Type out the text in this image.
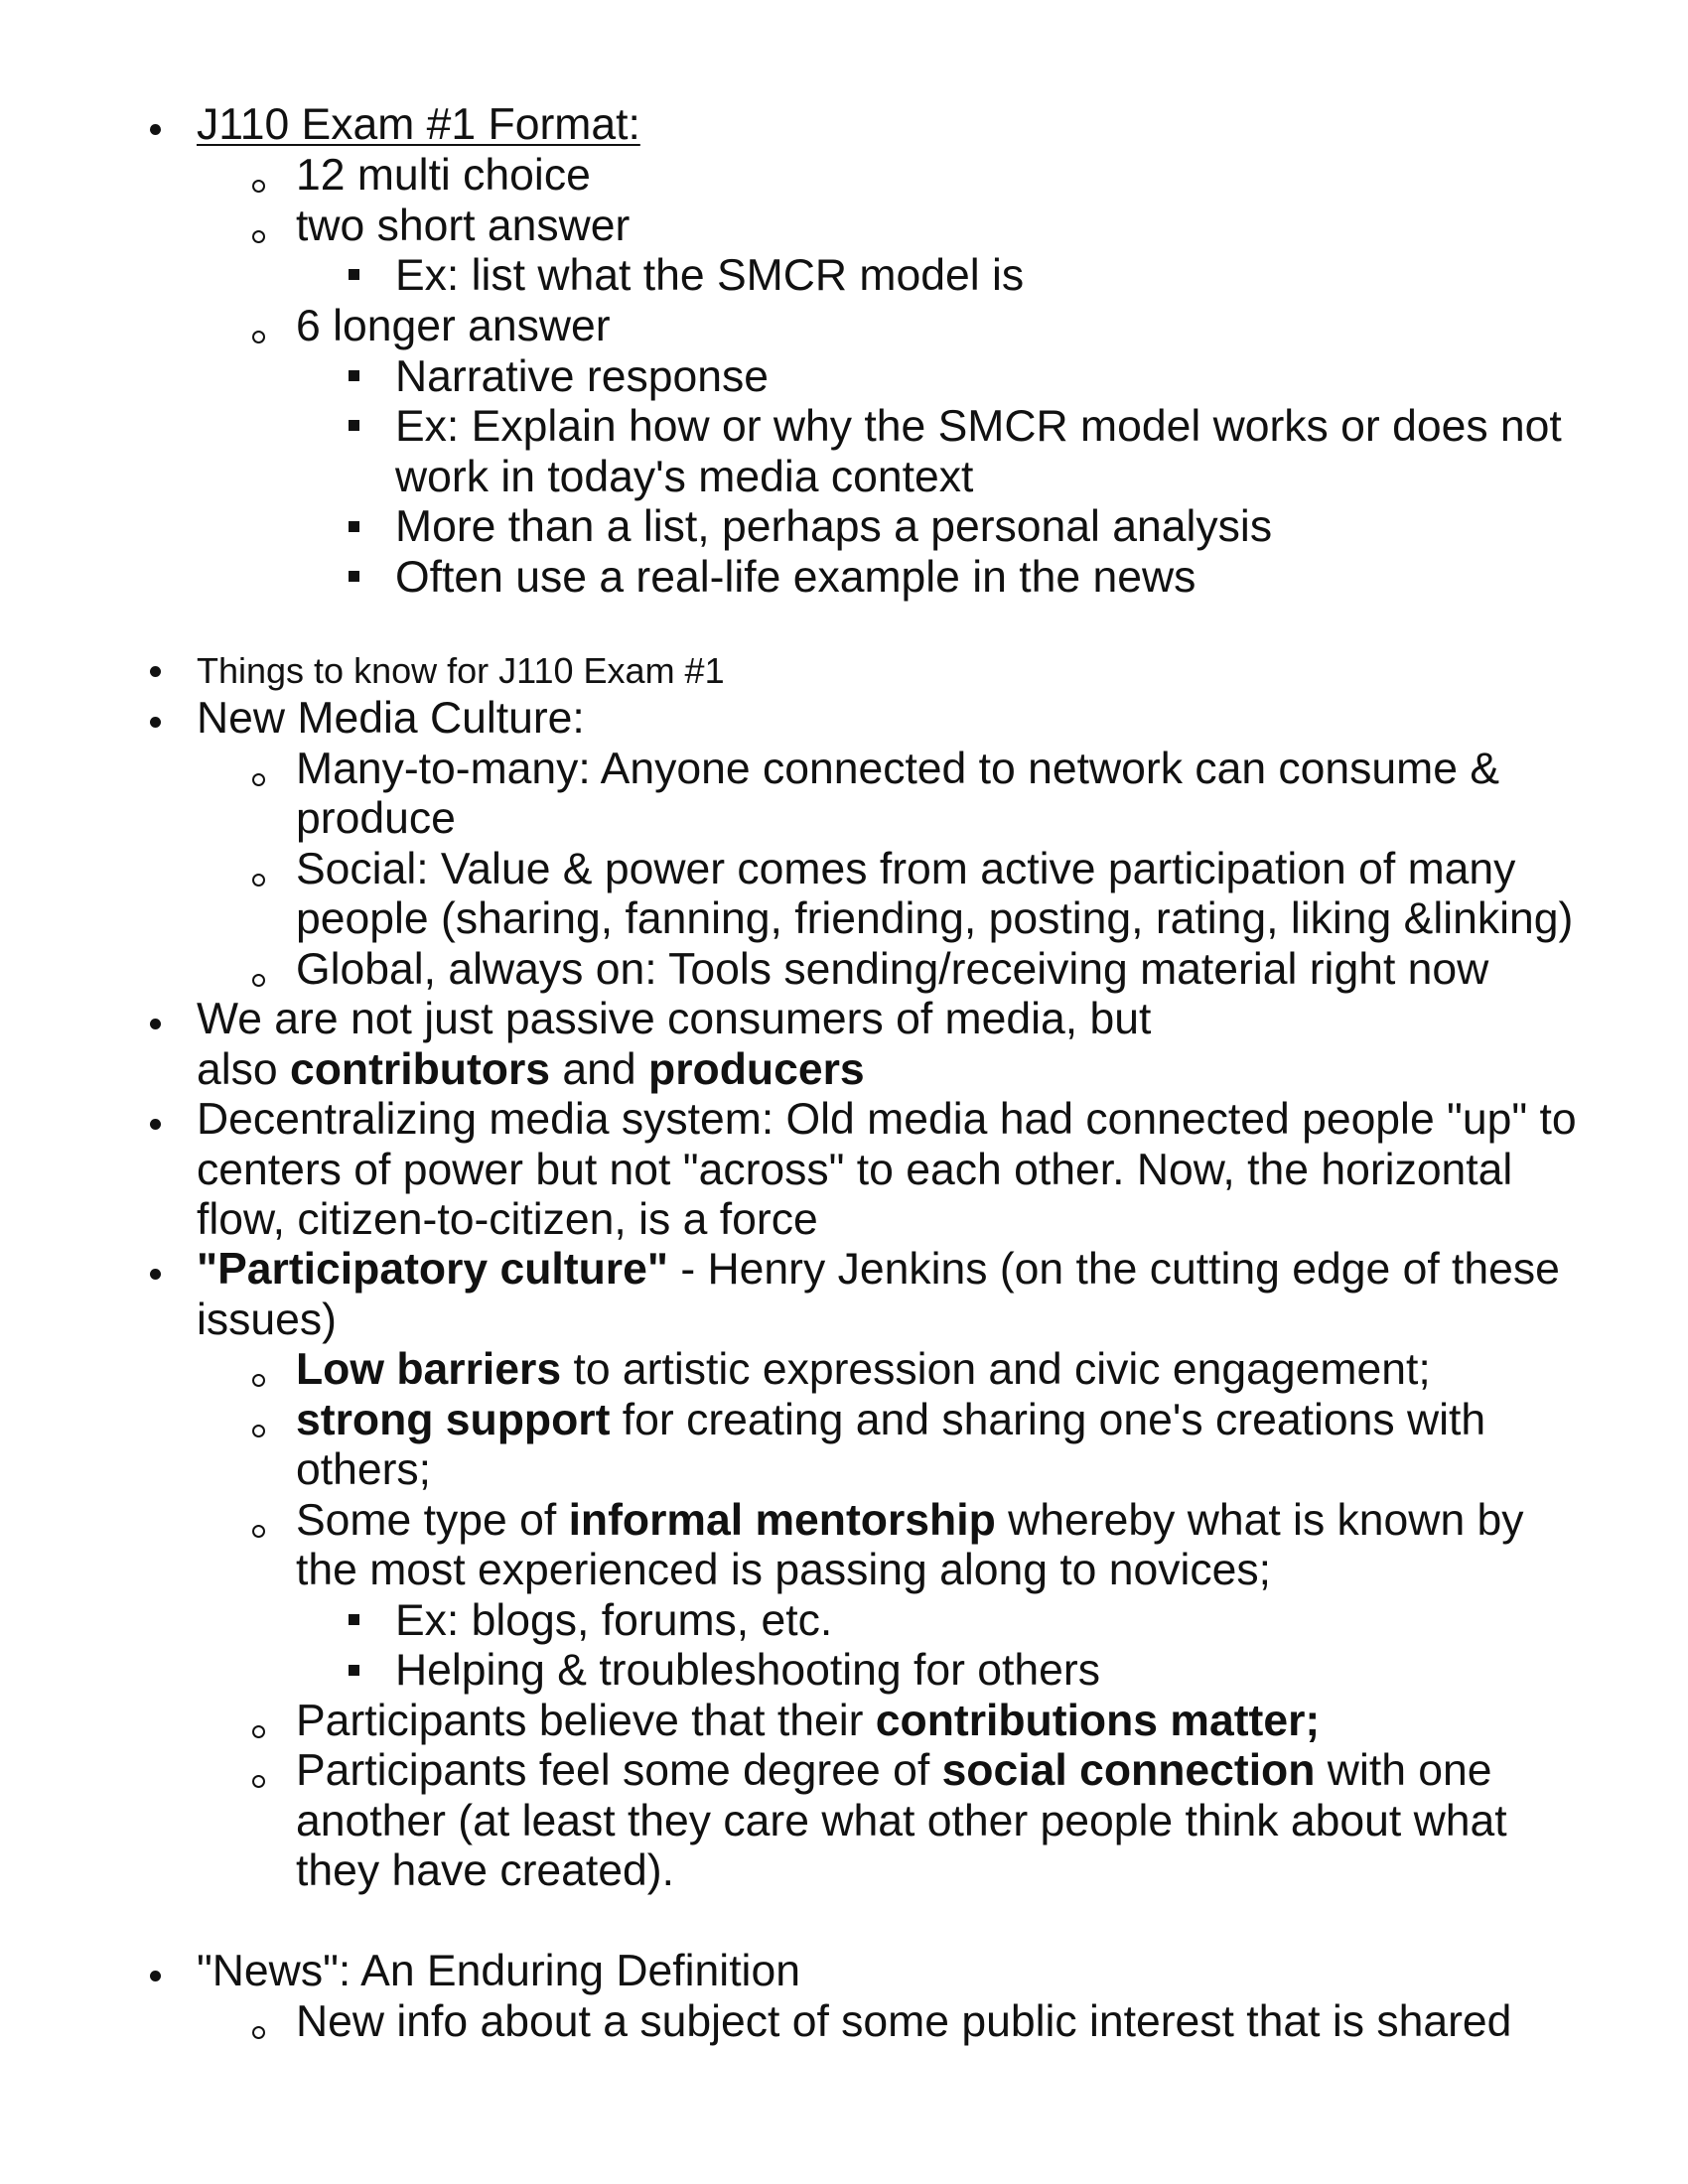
J110 Exam #1 Format:
12 multi choice
two short answer
Ex: list what the SMCR model is
6 longer answer
Narrative response
Ex: Explain how or why the SMCR model works or does not
work in today's media context
More than a list, perhaps a personal analysis
Often use a real-life example in the news
Things to know for J110 Exam #1
New Media Culture:
Many-to-many: Anyone connected to network can consume &
produce
Social: Value & power comes from active participation of many
people (sharing, fanning, friending, posting, rating, liking &linking)
Global, always on: Tools sending/receiving material right now
We are not just passive consumers of media, but
also contributors and producers
Decentralizing media system: Old media had connected people "up" to
centers of power but not "across" to each other. Now, the horizontal
flow, citizen-to-citizen, is a force
"Participatory culture" - Henry Jenkins (on the cutting edge of these
issues)
Low barriers to artistic expression and civic engagement;
strong support for creating and sharing one's creations with
others;
Some type of informal mentorship whereby what is known by
the most experienced is passing along to novices;
Ex: blogs, forums, etc.
Helping & troubleshooting for others
Participants believe that their contributions matter;
Participants feel some degree of social connection with one
another (at least they care what other people think about what
they have created).
"News": An Enduring Definition
New info about a subject of some public interest that is shared
